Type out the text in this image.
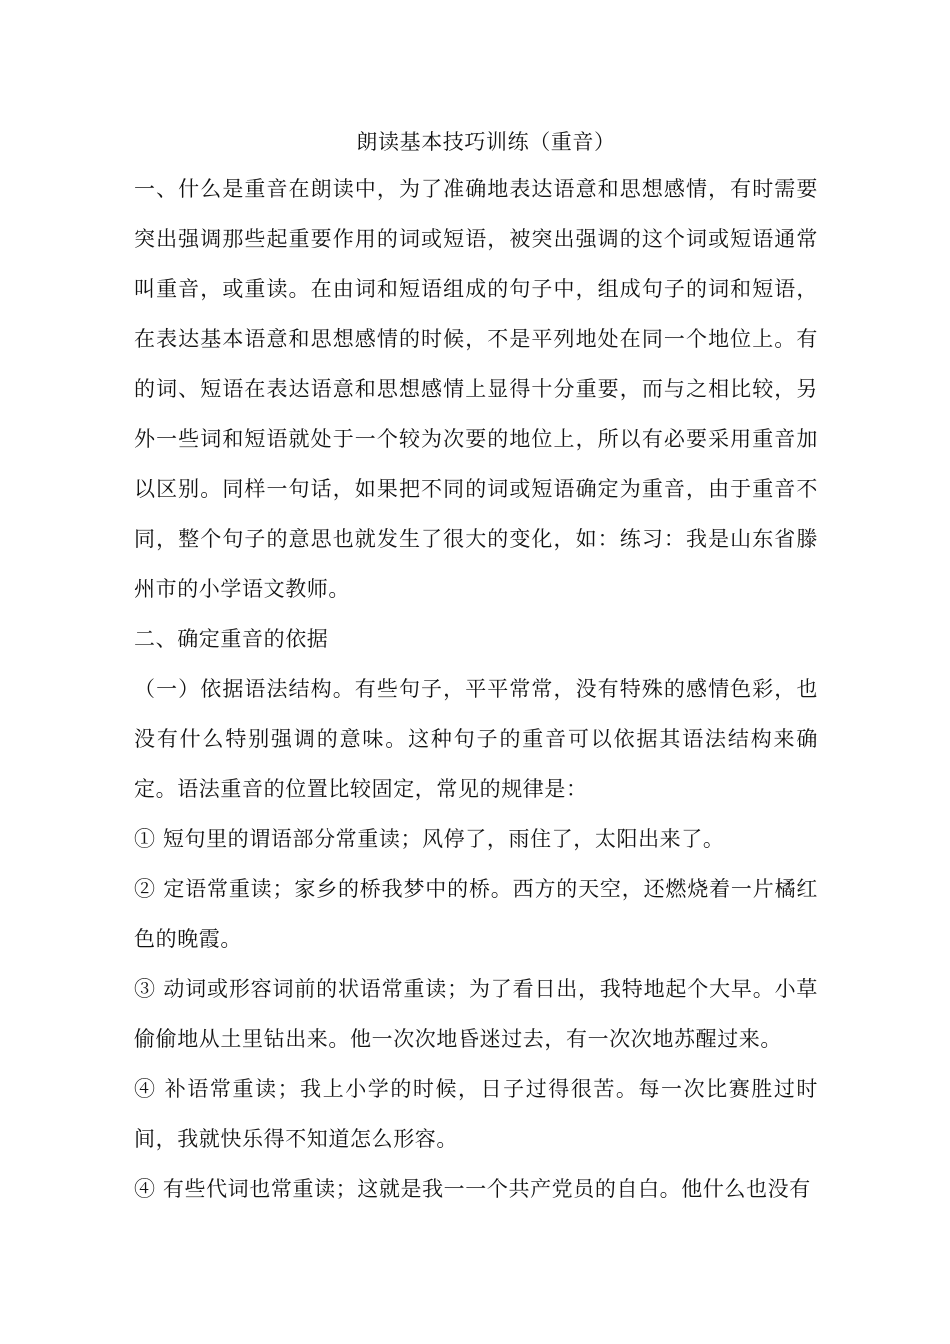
朗读基本技巧训练（重音）

一、什么是重音在朗读中，为了准确地表达语意和思想感情，有时需要突出强调那些起重要作用的词或短语，被突出强调的这个词或短语通常叫重音，或重读。在由词和短语组成的句子中，组成句子的词和短语，在表达基本语意和思想感情的时候，不是平列地处在同一个地位上。有的词、短语在表达语意和思想感情上显得十分重要，而与之相比较，另外一些词和短语就处于一个较为次要的地位上，所以有必要采用重音加以区别。同样一句话，如果把不同的词或短语确定为重音，由于重音不同，整个句子的意思也就发生了很大的变化，如：练习：我是山东省滕州市的小学语文教师。

二、确定重音的依据

（一）依据语法结构。有些句子，平平常常，没有特殊的感情色彩，也没有什么特别强调的意味。这种句子的重音可以依据其语法结构来确定。语法重音的位置比较固定，常见的规律是：

① 短句里的谓语部分常重读；风停了，雨住了，太阳出来了。

② 定语常重读；家乡的桥我梦中的桥。西方的天空，还燃烧着一片橘红色的晚霞。

③ 动词或形容词前的状语常重读；为了看日出，我特地起个大早。小草偷偷地从土里钻出来。他一次次地昏迷过去，有一次次地苏醒过来。

④ 补语常重读；我上小学的时候，日子过得很苦。每一次比赛胜过时间，我就快乐得不知道怎么形容。

④ 有些代词也常重读；这就是我一一个共产党员的自白。他什么也没有
